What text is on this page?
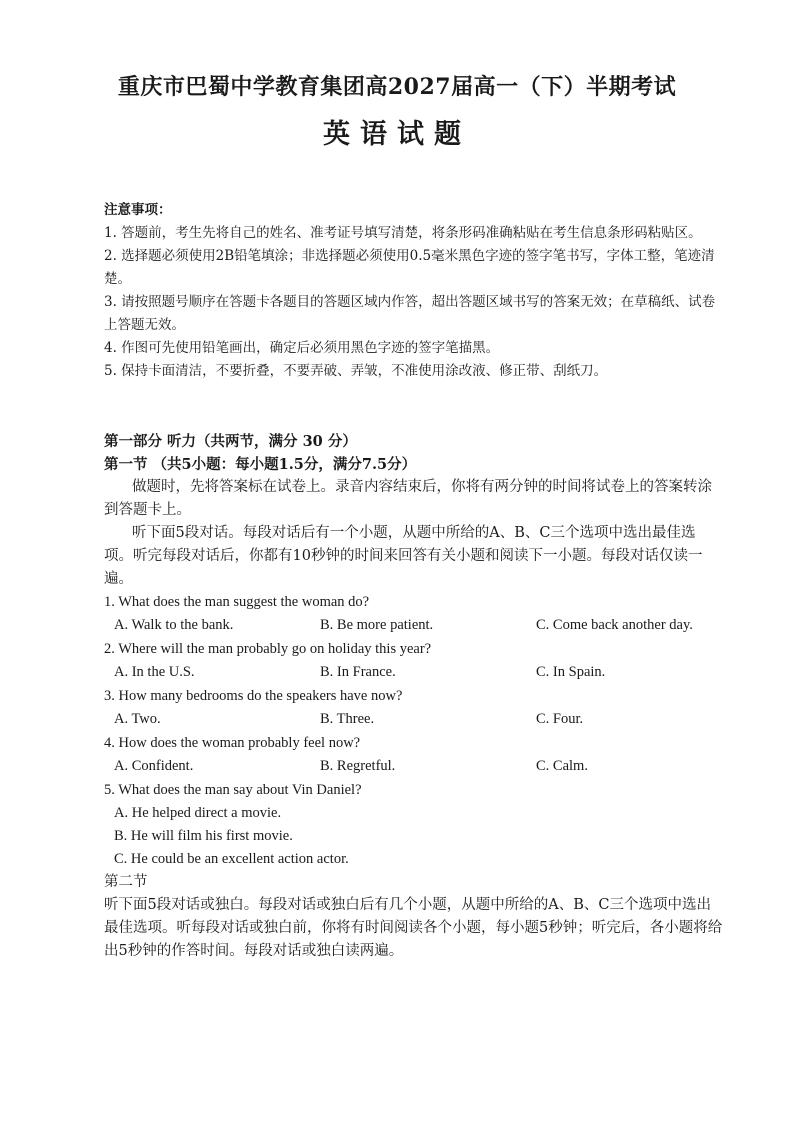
重庆市巴蜀中学教育集团高2027届高一（下）半期考试
英语试题
注意事项：
1. 答题前，考生先将自己的姓名、准考证号填写清楚，将条形码准确粘贴在考生信息条形码粘贴区。
2. 选择题必须使用2B铅笔填涂；非选择题必须使用0.5毫米黑色字迹的签字笔书写，字体工整，笔迹清楚。
3. 请按照题号顺序在答题卡各题目的答题区域内作答，超出答题区域书写的答案无效；在草稿纸、试卷上答题无效。
4. 作图可先使用铅笔画出，确定后必须用黑色字迹的签字笔描黑。
5. 保持卡面清洁，不要折叠，不要弄破、弄皱，不准使用涂改液、修正带、刮纸刀。
第一部分 听力（共两节，满分 30 分）
第一节 （共5小题：每小题1.5分，满分7.5分）

做题时，先将答案标在试卷上。录音内容结束后，你将有两分钟的时间将试卷上的答案转涂到答题卡上。

听下面5段对话。每段对话后有一个小题，从题中所给的A、B、C三个选项中选出最佳选项。听完每段对话后，你都有10秒钟的时间来回答有关小题和阅读下一小题。每段对话仅读一遍。

1. What does the man suggest the woman do?
A. Walk to the bank.	B. Be more patient.	C. Come back another day.
2. Where will the man probably go on holiday this year?
A. In the U.S.	B. In France.	C. In Spain.
3. How many bedrooms do the speakers have now?
A. Two.	B. Three.	C. Four.
4. How does the woman probably feel now?
A. Confident.	B. Regretful.	C. Calm.
5. What does the man say about Vin Daniel?
A. He helped direct a movie.
B. He will film his first movie.
C. He could be an excellent action actor.
第二节

听下面5段对话或独白。每段对话或独白后有几个小题，从题中所给的A、B、C三个选项中选出最佳选项。听每段对话或独白前，你将有时间阅读各个小题，每小题5秒钟；听完后，各小题将给出5秒钟的作答时间。每段对话或独白读两遍。
